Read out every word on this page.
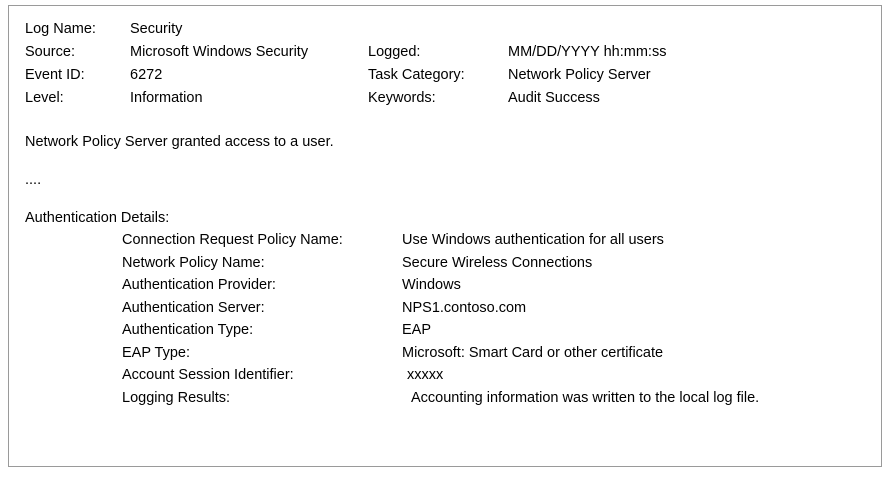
Log Name:	Security
Source:	Microsoft Windows Security	Logged:	MM/DD/YYYY hh:mm:ss
Event ID:	6272	Task Category:	Network Policy Server
Level:	Information	Keywords:	Audit Success
Network Policy Server granted access to a user.
....
Authentication Details:
Connection Request Policy Name:	Use Windows authentication for all users
Network Policy Name:	Secure Wireless Connections
Authentication Provider:	Windows
Authentication Server:	NPS1.contoso.com
Authentication Type:	EAP
EAP Type:	Microsoft: Smart Card or other certificate
Account Session Identifier:	xxxxx
Logging Results:	Accounting information was written to the local log file.
